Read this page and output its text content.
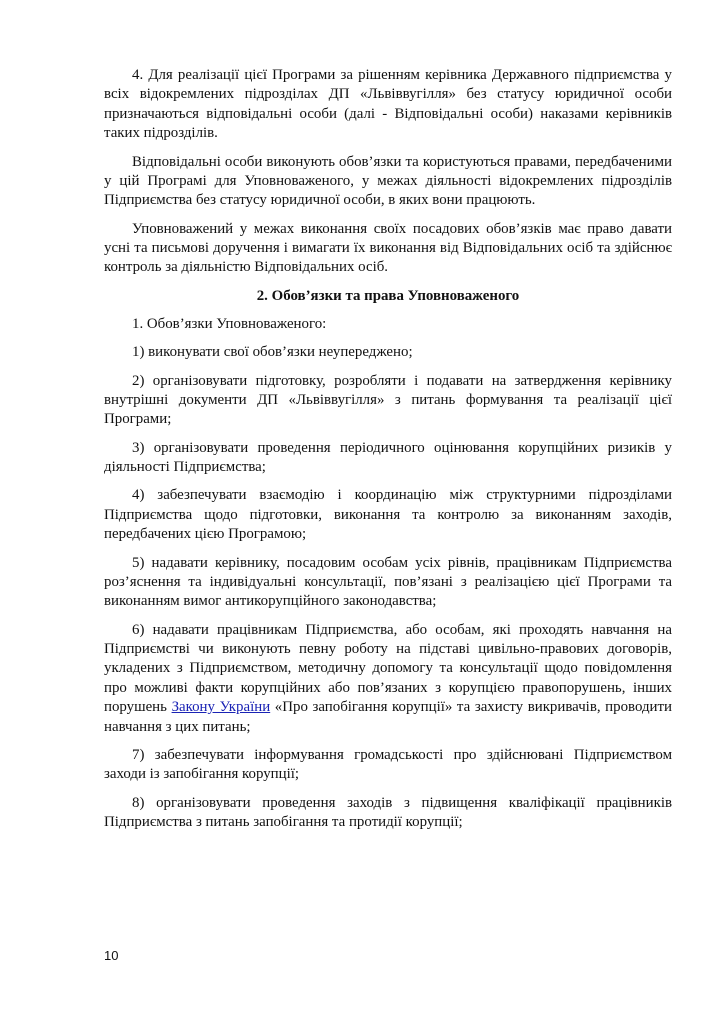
4. Для реалізації цієї Програми за рішенням керівника Державного підприємства у всіх відокремлених підрозділах ДП «Львіввугілля» без статусу юридичної особи призначаються відповідальні особи (далі - Відповідальні особи) наказами керівників таких підрозділів.

Відповідальні особи виконують обов’язки та користуються правами, передбаченими у цій Програмі для Уповноваженого, у межах діяльності відокремлених підрозділів Підприємства без статусу юридичної особи, в яких вони працюють.

Уповноважений у межах виконання своїх посадових обов’язків має право давати усні та письмові доручення і вимагати їх виконання від Відповідальних осіб та здійснює контроль за діяльністю Відповідальних осіб.

2. Обов’язки та права Уповноваженого

1. Обов’язки Уповноваженого:

1) виконувати свої обов’язки неупереджено;

2) організовувати підготовку, розробляти і подавати на затвердження керівнику внутрішні документи ДП «Львіввугілля» з питань формування та реалізації цієї Програми;

3) організовувати проведення періодичного оцінювання корупційних ризиків у діяльності Підприємства;

4) забезпечувати взаємодію і координацію між структурними підрозділами Підприємства щодо підготовки, виконання та контролю за виконанням заходів, передбачених цією Програмою;

5) надавати керівнику, посадовим особам усіх рівнів, працівникам Підприємства роз’яснення та індивідуальні консультації, пов’язані з реалізацією цієї Програми та виконанням вимог антикорупційного законодавства;

6) надавати працівникам Підприємства, або особам, які проходять навчання на Підприємстві чи виконують певну роботу на підставі цивільно-правових договорів, укладених з Підприємством, методичну допомогу та консультації щодо повідомлення про можливі факти корупційних або пов’язаних з корупцією правопорушень, інших порушень Закону України «Про запобігання корупції» та захисту викривачів, проводити навчання з цих питань;

7) забезпечувати інформування громадськості про здійснювані Підприємством заходи із запобігання корупції;

8) організовувати проведення заходів з підвищення кваліфікації працівників Підприємства з питань запобігання та протидії корупції;

10
